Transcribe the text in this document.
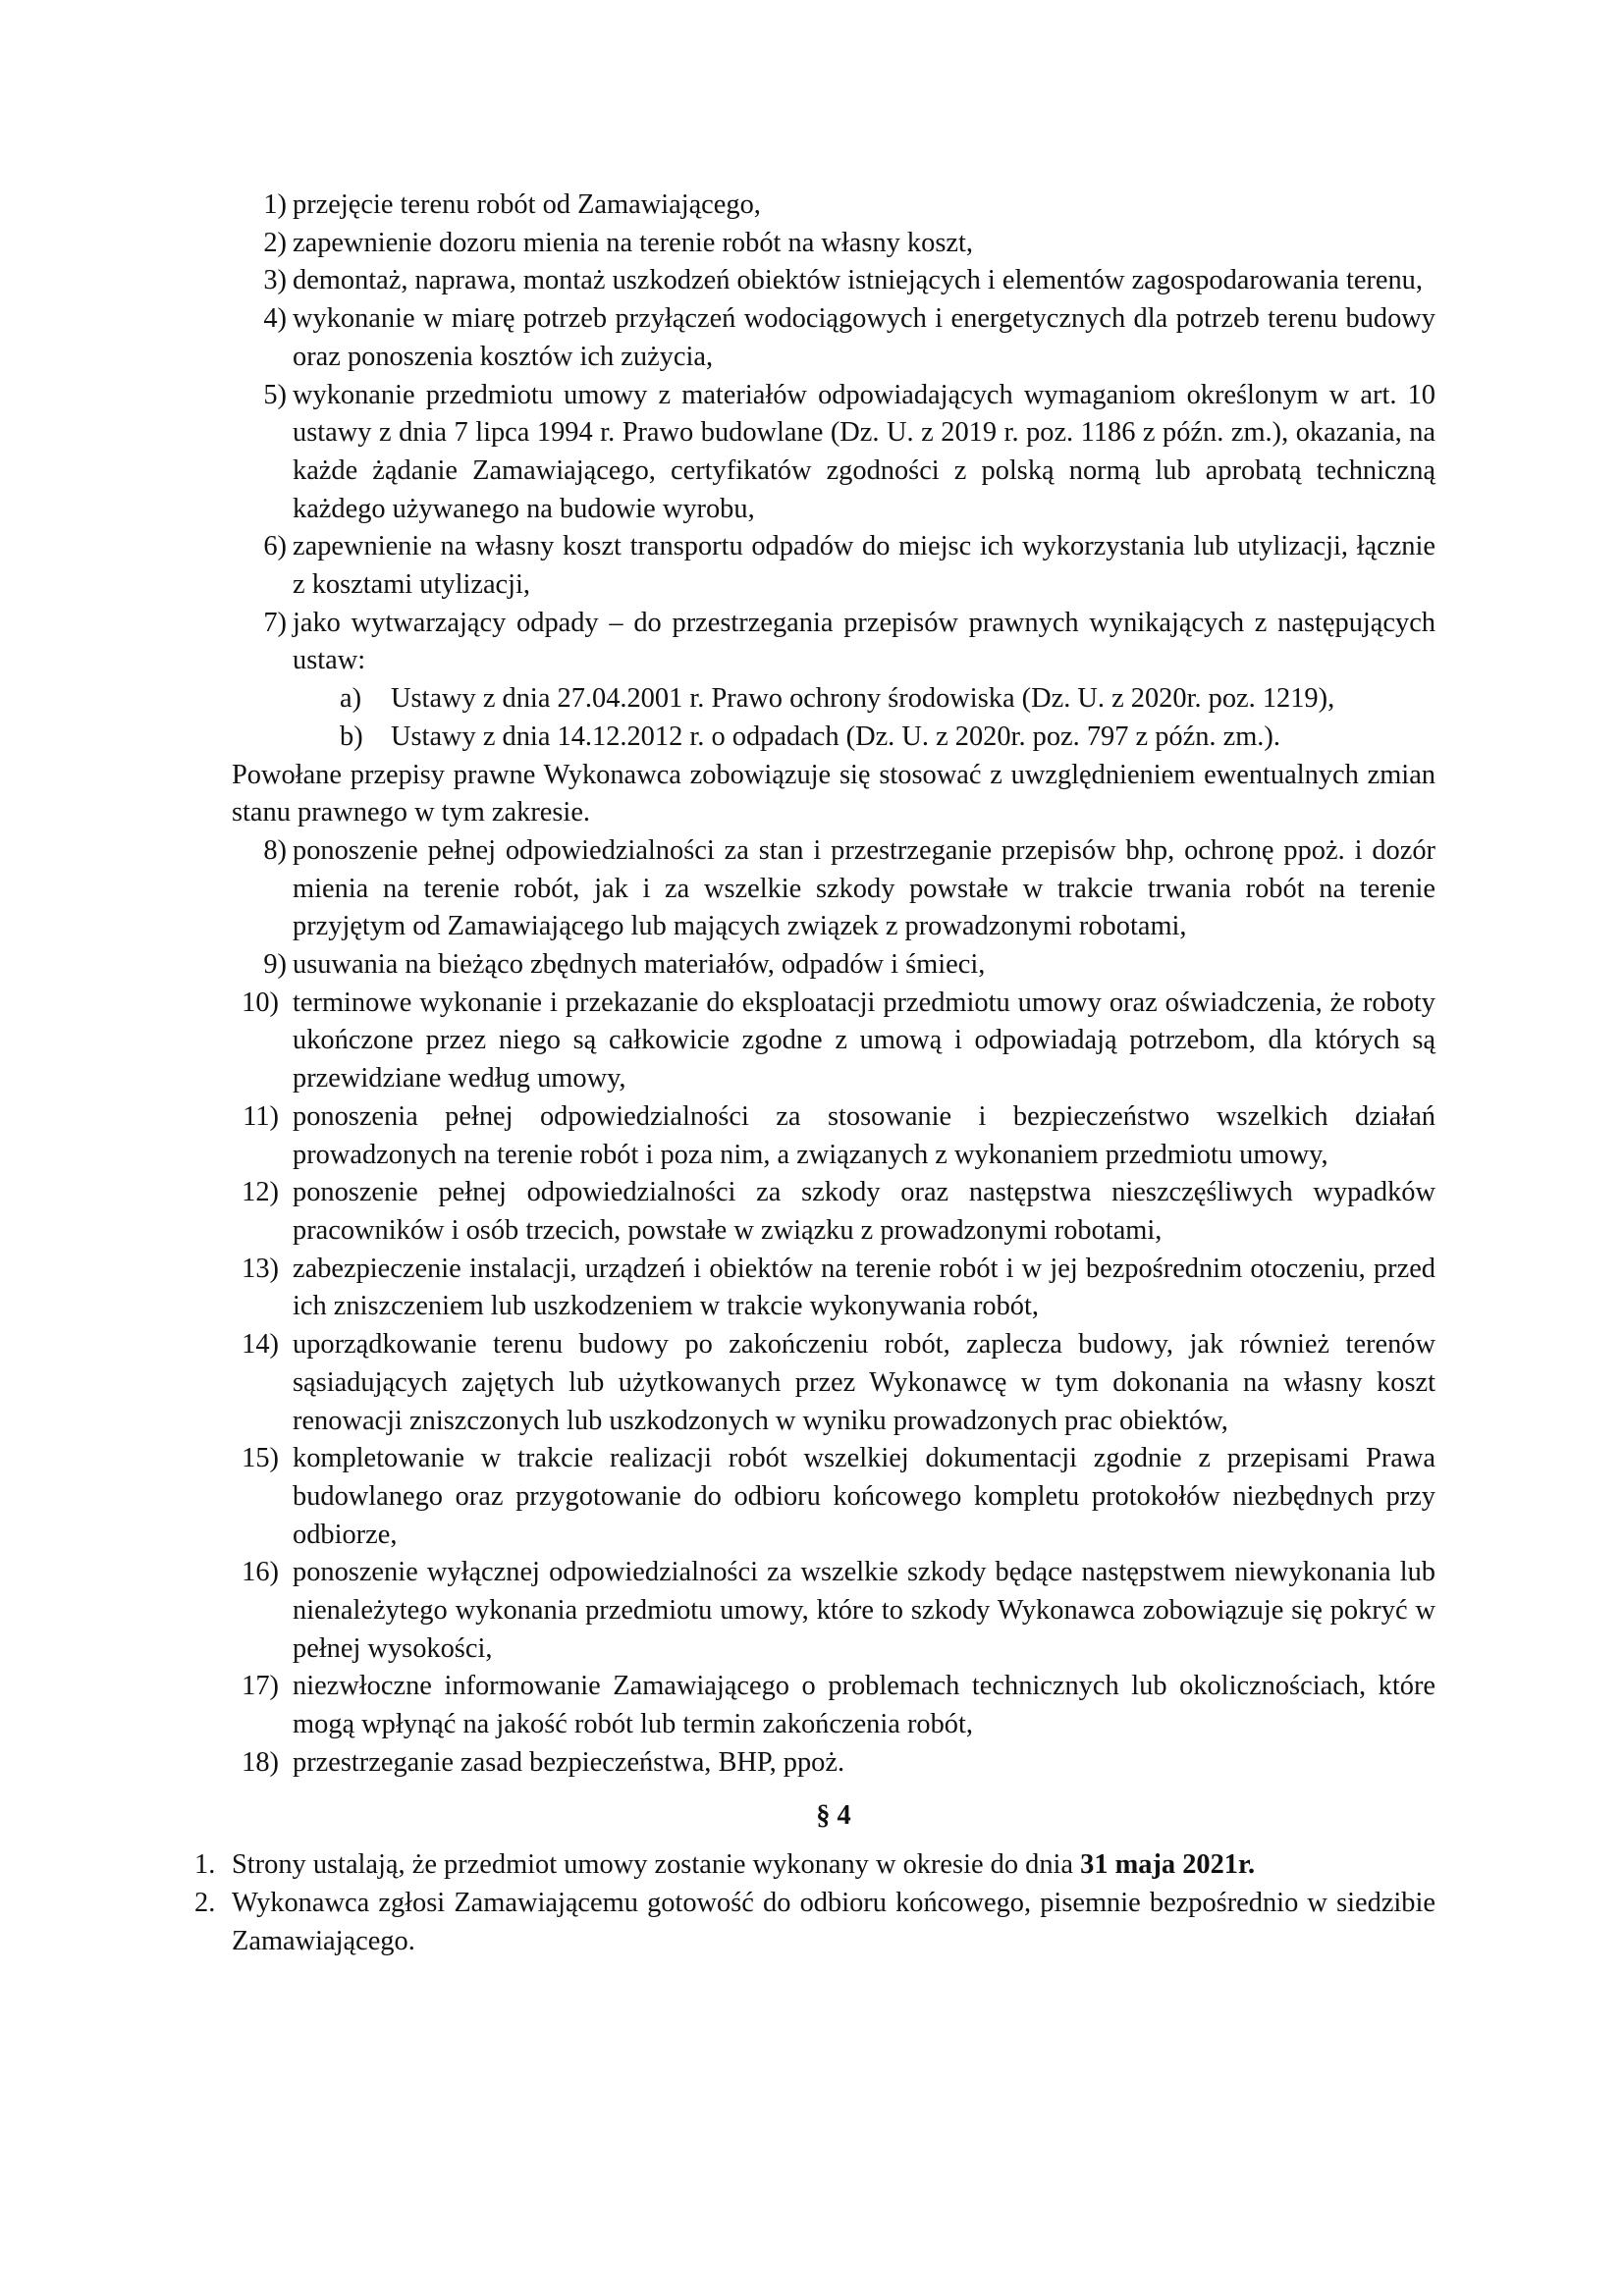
1) przejęcie terenu robót od Zamawiającego,
2) zapewnienie dozoru mienia na terenie robót na własny koszt,
3) demontaż, naprawa, montaż uszkodzeń obiektów istniejących i elementów zagospodarowania terenu,
4) wykonanie w miarę potrzeb przyłączeń wodociągowych i energetycznych dla potrzeb terenu budowy oraz ponoszenia kosztów ich zużycia,
5) wykonanie przedmiotu umowy z materiałów odpowiadających wymaganiom określonym w art. 10 ustawy z dnia 7 lipca 1994 r. Prawo budowlane (Dz. U. z 2019 r. poz. 1186 z późn. zm.), okazania, na każde żądanie Zamawiającego, certyfikatów zgodności z polską normą lub aprobatą techniczną każdego używanego na budowie wyrobu,
6) zapewnienie na własny koszt transportu odpadów do miejsc ich wykorzystania lub utylizacji, łącznie z kosztami utylizacji,
7) jako wytwarzający odpady – do przestrzegania przepisów prawnych wynikających z następujących ustaw:
a)	Ustawy z dnia 27.04.2001 r. Prawo ochrony środowiska (Dz. U. z 2020r. poz. 1219),
b) Ustawy z dnia 14.12.2012 r. o odpadach (Dz. U. z 2020r. poz. 797 z późn. zm.).
Powołane przepisy prawne Wykonawca zobowiązuje się stosować z uwzględnieniem ewentualnych zmian stanu prawnego w tym zakresie.
8) ponoszenie pełnej odpowiedzialności za stan i przestrzeganie przepisów bhp, ochronę ppoż. i dozór mienia na terenie robót, jak i za wszelkie szkody powstałe w trakcie trwania robót na terenie przyjętym od Zamawiającego lub mających związek z prowadzonymi robotami,
9) usuwania na bieżąco zbędnych materiałów, odpadów i śmieci,
10) terminowe wykonanie i przekazanie do eksploatacji przedmiotu umowy oraz oświadczenia, że roboty ukończone przez niego są całkowicie zgodne z umową i odpowiadają potrzebom, dla których są przewidziane według umowy,
11) ponoszenia pełnej odpowiedzialności za stosowanie i bezpieczeństwo wszelkich działań prowadzonych na terenie robót i poza nim, a związanych z wykonaniem przedmiotu umowy,
12) ponoszenie pełnej odpowiedzialności za szkody oraz następstwa nieszczęśliwych wypadków pracowników i osób trzecich, powstałe w związku z prowadzonymi robotami,
13) zabezpieczenie instalacji, urządzeń i obiektów na terenie robót i w jej bezpośrednim otoczeniu, przed ich zniszczeniem lub uszkodzeniem w trakcie wykonywania robót,
14) uporządkowanie terenu budowy po zakończeniu robót, zaplecza budowy, jak również terenów sąsiadujących zajętych lub użytkowanych przez Wykonawcę w tym dokonania na własny koszt renowacji zniszczonych lub uszkodzonych w wyniku prowadzonych prac obiektów,
15) kompletowanie w trakcie realizacji robót wszelkiej dokumentacji zgodnie z przepisami Prawa budowlanego oraz przygotowanie do odbioru końcowego kompletu protokołów niezbędnych przy odbiorze,
16) ponoszenie wyłącznej odpowiedzialności za wszelkie szkody będące następstwem niewykonania lub nienależytego wykonania przedmiotu umowy, które to szkody Wykonawca zobowiązuje się pokryć w pełnej wysokości,
17) niezwłoczne informowanie Zamawiającego o problemach technicznych lub okolicznościach, które mogą wpłynąć na jakość robót lub termin zakończenia robót,
18) przestrzeganie zasad bezpieczeństwa, BHP, ppoż.
§ 4
1. Strony ustalają, że przedmiot umowy zostanie wykonany w okresie do dnia 31 maja 2021r.
2. Wykonawca zgłosi Zamawiającemu gotowość do odbioru końcowego, pisemnie bezpośrednio w siedzibie Zamawiającego.
